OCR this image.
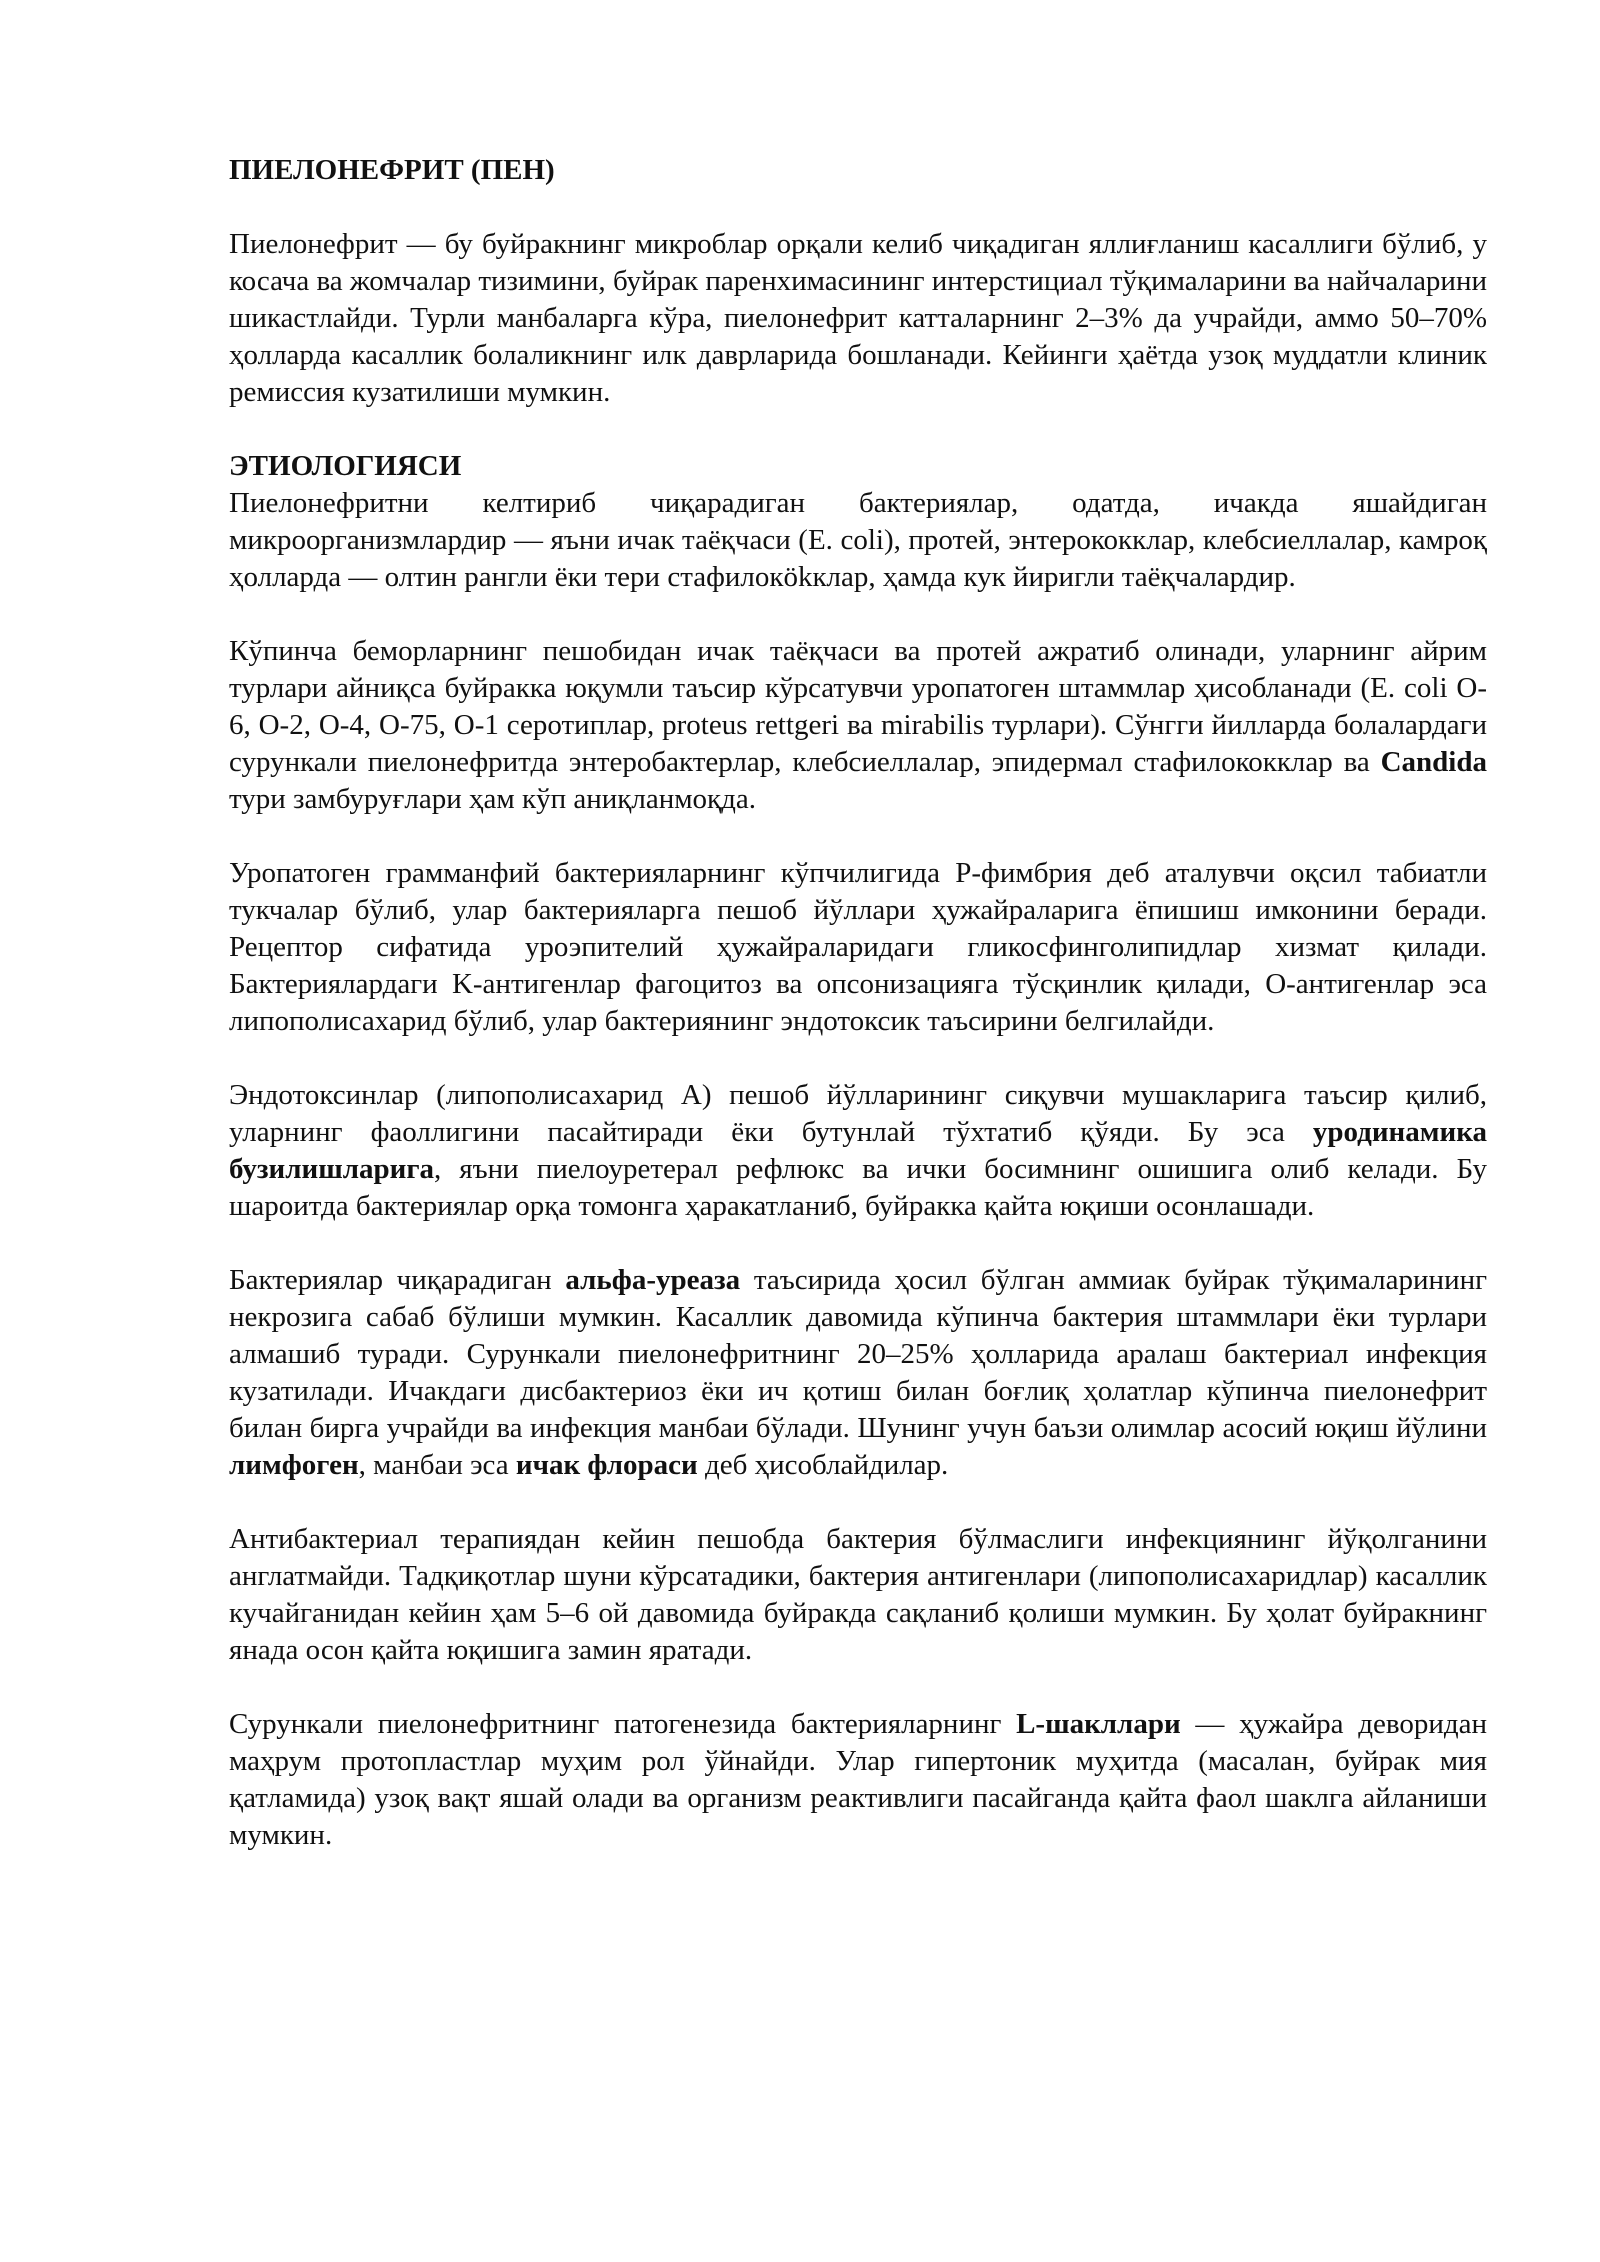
ПИЕЛОНЕФРИТ (ПЕН)

Пиелонефрит — бу буйракнинг микроблар орқали келиб чиқадиган яллиғланиш касаллиги бўлиб, у косача ва жомчалар тизимини, буйрак паренхимасининг интерстициал тўқималарини ва найчаларини шикастлайди. Турли манбаларга кўра, пиелонефрит катталарнинг 2–3% да учрайди, аммо 50–70% ҳолларда касаллик болаликнинг илк даврларида бошланади. Кейинги ҳаётда узоқ муддатли клиник ремиссия кузатилиши мумкин.

ЭТИОЛОГИЯСИ

Пиелонефритни келтириб чиқарадиган бактериялар, одатда, ичакда яшайдиган микроорганизмлардир — яъни ичак таёқчаси (E. coli), протей, энтерококклар, клебсиеллалар, камроқ ҳолларда — олтин рангли ёки тери стафилокökклар, ҳамда кук йиригли таёқчалардир.

Кўпинча беморларнинг пешобидан ичак таёқчаси ва протей ажратиб олинади, уларнинг айрим турлари айниқса буйракка юқумли таъсир кўрсатувчи уропатоген штаммлар ҳисобланади (E. coli O-6, O-2, O-4, O-75, O-1 серотиплар, proteus rettgeri ва mirabilis турлари). Сўнгги йилларда болалардаги сурункали пиелонефритда энтеробактерлар, клебсиеллалар, эпидермал стафилококклар ва Candida тури замбуруғлари ҳам кўп аниқланмоқда.

Уропатоген грамманфий бактерияларнинг кўпчилигида P-фимбрия деб аталувчи оқсил табиатли тукчалар бўлиб, улар бактерияларга пешоб йўллари ҳужайраларига ёпишиш имконини беради. Рецептор сифатида уроэпителий ҳужайраларидаги гликосфинголипидлар хизмат қилади. Бактериялардаги K-антигенлар фагоцитоз ва опсонизацияга тўсқинлик қилади, O-антигенлар эса липополисахарид бўлиб, улар бактериянинг эндотоксик таъсирини белгилайди.

Эндотоксинлар (липополисахарид A) пешоб йўлларининг сиқувчи мушакларига таъсир қилиб, уларнинг фаоллигини пасайтиради ёки бутунлай тўхтатиб қўяди. Бу эса уродинамика бузилишларига, яъни пиелоуретерал рефлюкс ва ички босимнинг ошишига олиб келади. Бу шароитда бактериялар орқа томонга ҳаракатланиб, буйракка қайта юқиши осонлашади.

Бактериялар чиқарадиган альфа-уреаза таъсирида ҳосил бўлган аммиак буйрак тўқималарининг некрозига сабаб бўлиши мумкин. Касаллик давомида кўпинча бактерия штаммлари ёки турлари алмашиб туради. Сурункали пиелонефритнинг 20–25% ҳолларида аралаш бактериал инфекция кузатилади. Ичакдаги дисбактериоз ёки ич қотиш билан боғлиқ ҳолатлар кўпинча пиелонефрит билан бирга учрайди ва инфекция манбаи бўлади. Шунинг учун баъзи олимлар асосий юқиш йўлини лимфоген, манбаи эса ичак флораси деб ҳисоблайдилар.

Антибактериал терапиядан кейин пешобда бактерия бўлмаслиги инфекциянинг йўқолганини англатмайди. Тадқиқотлар шуни кўрсатадики, бактерия антигенлари (липополисахаридлар) касаллик кучайганидан кейин ҳам 5–6 ой давомида буйракда сақланиб қолиши мумкин. Бу ҳолат буйракнинг янада осон қайта юқишига замин яратади.

Сурункали пиелонефритнинг патогенезида бактерияларнинг L-шакллари — ҳужайра деворидан маҳрум протопластлар муҳим рол ўйнайди. Улар гипертоник муҳитда (масалан, буйрак мия қатламида) узоқ вақт яшай олади ва организм реактивлиги пасайганда қайта фаол шаклга айланиши мумкин.
